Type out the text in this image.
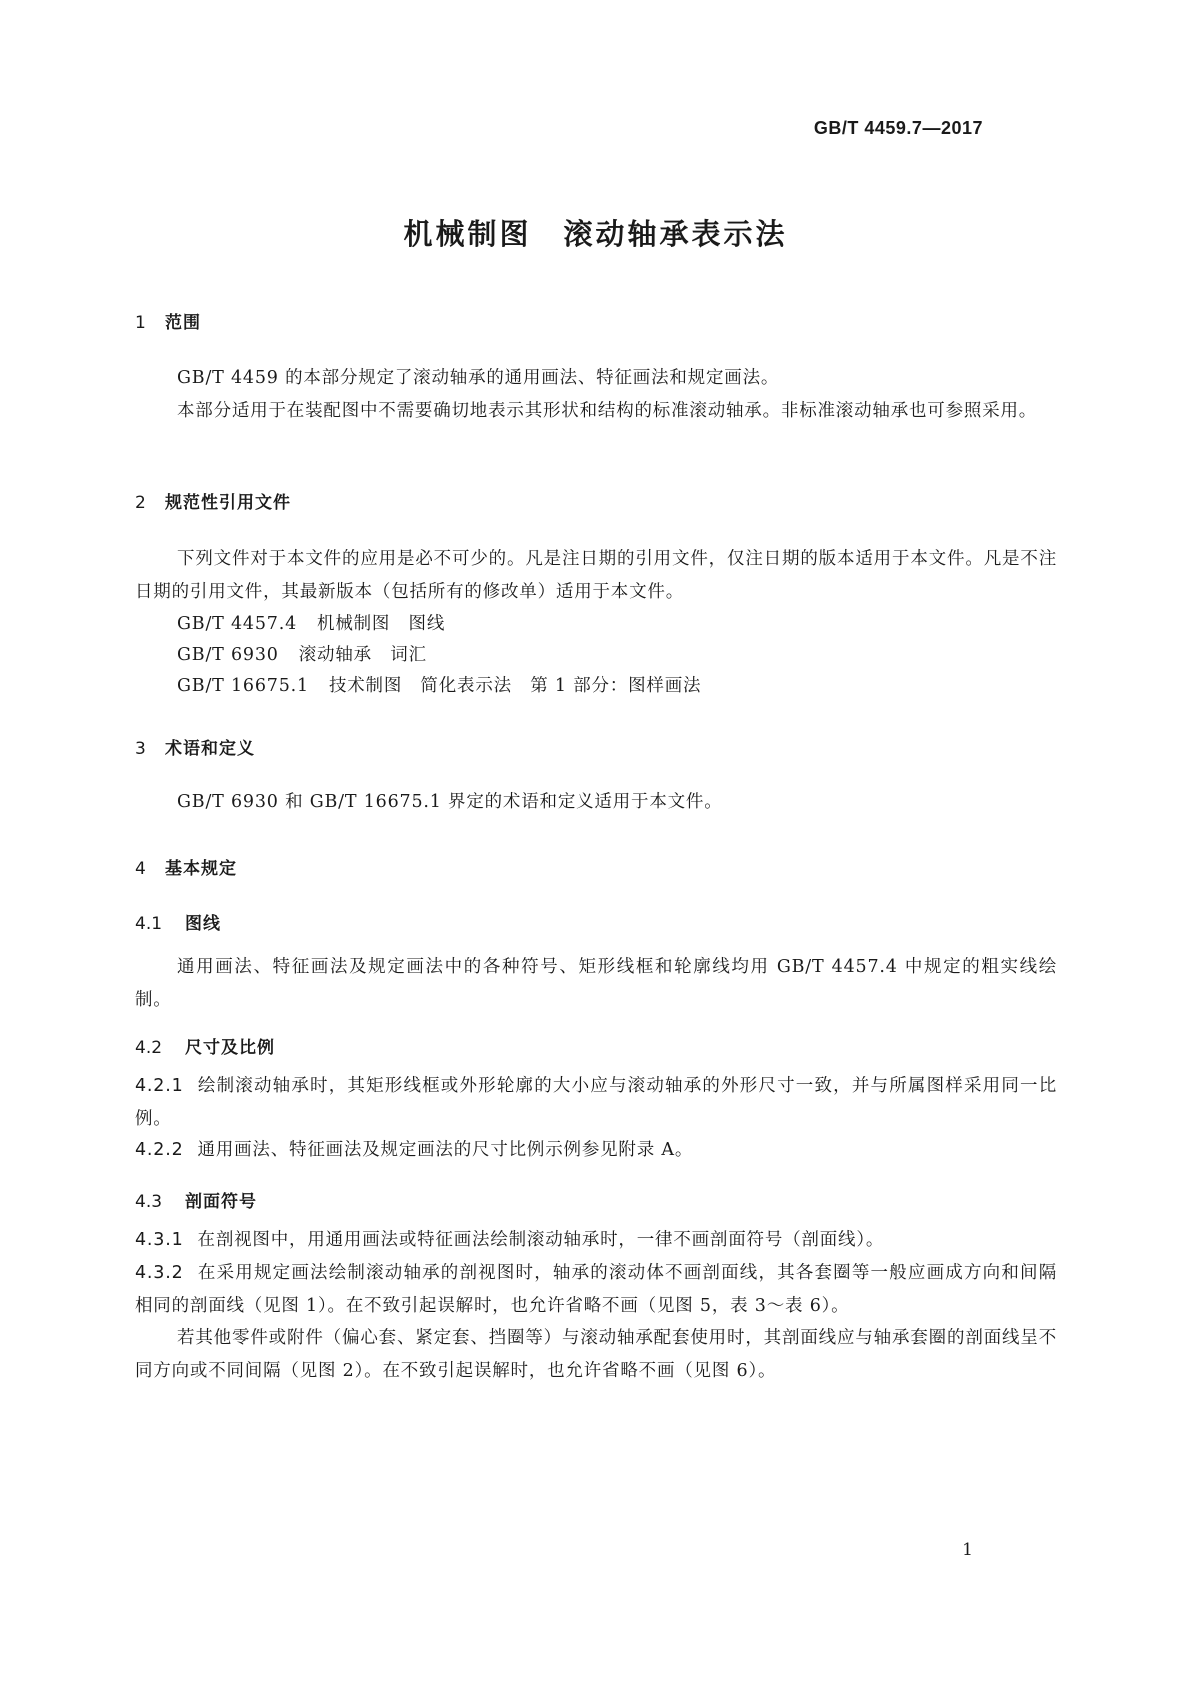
GB/T 4459.7—2017
机械制图　滚动轴承表示法
1 范围
GB/T 4459 的本部分规定了滚动轴承的通用画法、特征画法和规定画法。
本部分适用于在装配图中不需要确切地表示其形状和结构的标准滚动轴承。非标准滚动轴承也可参照采用。
2 规范性引用文件
下列文件对于本文件的应用是必不可少的。凡是注日期的引用文件，仅注日期的版本适用于本文件。凡是不注日期的引用文件，其最新版本（包括所有的修改单）适用于本文件。
GB/T 4457.4 机械制图　图线
GB/T 6930 滚动轴承　词汇
GB/T 16675.1 技术制图　简化表示法　第 1 部分：图样画法
3 术语和定义
GB/T 6930 和 GB/T 16675.1 界定的术语和定义适用于本文件。
4 基本规定
4.1 图线
通用画法、特征画法及规定画法中的各种符号、矩形线框和轮廓线均用 GB/T 4457.4 中规定的粗实线绘制。
4.2 尺寸及比例
4.2.1 绘制滚动轴承时，其矩形线框或外形轮廓的大小应与滚动轴承的外形尺寸一致，并与所属图样采用同一比例。
4.2.2 通用画法、特征画法及规定画法的尺寸比例示例参见附录 A。
4.3 剖面符号
4.3.1 在剖视图中，用通用画法或特征画法绘制滚动轴承时，一律不画剖面符号（剖面线）。
4.3.2 在采用规定画法绘制滚动轴承的剖视图时，轴承的滚动体不画剖面线，其各套圈等一般应画成方向和间隔相同的剖面线（见图 1）。在不致引起误解时，也允许省略不画（见图 5，表 3～表 6）。
若其他零件或附件（偏心套、紧定套、挡圈等）与滚动轴承配套使用时，其剖面线应与轴承套圈的剖面线呈不同方向或不同间隔（见图 2）。在不致引起误解时，也允许省略不画（见图 6）。
1
